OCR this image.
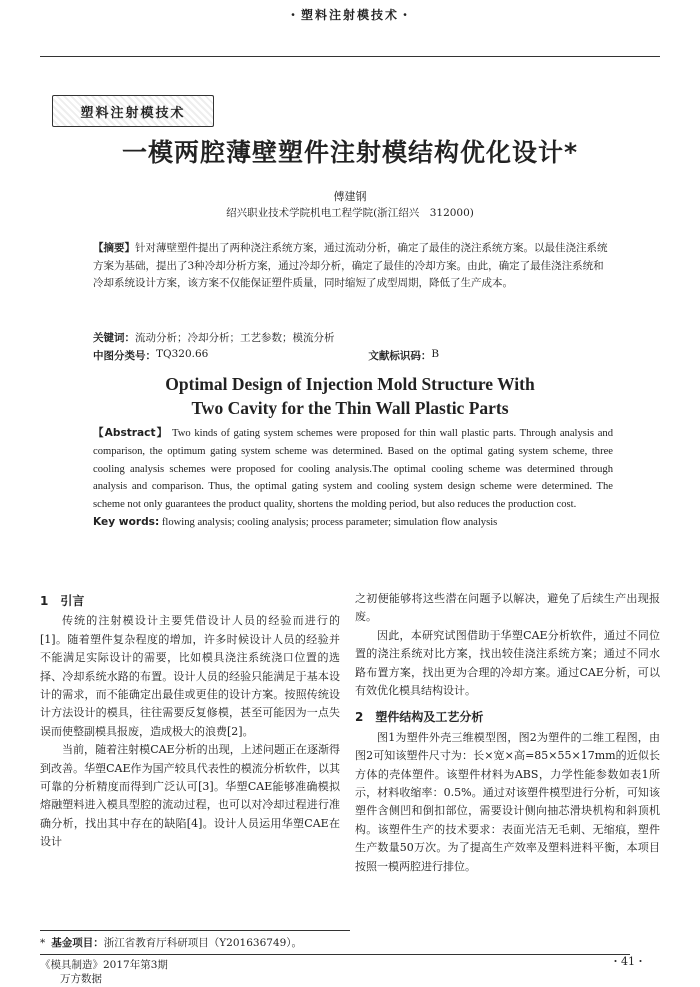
・塑料注射模技术・
塑料注射模技术
一模两腔薄壁塑件注射模结构优化设计*
傅建钢
绍兴职业技术学院机电工程学院(浙江绍兴　312000)
【摘要】针对薄壁塑件提出了两种浇注系统方案，通过流动分析，确定了最佳的浇注系统方案。以最佳浇注系统方案为基础，提出了3种冷却分析方案，通过冷却分析，确定了最佳的冷却方案。由此，确定了最佳浇注系统和冷却系统设计方案，该方案不仅能保证塑件质量，同时缩短了成型周期，降低了生产成本。
关键词：流动分析；冷却分析；工艺参数；模流分析
中图分类号： TQ320.66	文献标识码： B
Optimal Design of Injection Mold Structure With
Two Cavity for the Thin Wall Plastic Parts
【Abstract】 Two kinds of gating system schemes were proposed for thin wall plastic parts. Through analysis and comparison, the optimum gating system scheme was determined. Based on the optimal gating system scheme, three cooling analysis schemes were proposed for cooling analysis.The optimal cooling scheme was determined through analysis and comparison. Thus, the optimal gating system and cooling system design scheme were determined. The scheme not only guarantees the product quality, shortens the molding period, but also reduces the production cost.
Key words: flowing analysis; cooling analysis; process parameter; simulation flow analysis
1　引言

传统的注射模设计主要凭借设计人员的经验而进行的[1]。随着塑件复杂程度的增加，许多时候设计人员的经验并不能满足实际设计的需要，比如模具浇注系统浇口位置的选择、冷却系统水路的布置。设计人员的经验只能满足于基本设计的需求，而不能确定出最佳或更佳的设计方案。按照传统设计方法设计的模具，往往需要反复修模，甚至可能因为一点失误而使整副模具报废，造成极大的浪费[2]。

当前，随着注射模CAE分析的出现，上述问题正在逐渐得到改善。华塑CAE作为国产较具代表性的模流分析软件，以其可靠的分析精度而得到广泛认可[3]。华塑CAE能够准确模拟熔融塑料进入模具型腔的流动过程，也可以对冷却过程进行准确分析，找出其中存在的缺陷[4]。设计人员运用华塑CAE在设计

之初便能够将这些潜在问题予以解决，避免了后续生产出现报废。

因此，本研究试图借助于华塑CAE分析软件，通过不同位置的浇注系统对比方案，找出较佳浇注系统方案；通过不同水路布置方案，找出更为合理的冷却方案。通过CAE分析，可以有效优化模具结构设计。

2　塑件结构及工艺分析

图1为塑件外壳三维模型图，图2为塑件的二维工程图，由图2可知该塑件尺寸为：长×宽×高=85×55×17mm的近似长方体的壳体塑件。该塑件材料为ABS，力学性能参数如表1所示，材料收缩率：0.5%。通过对该塑件模型进行分析，可知该塑件含侧凹和倒扣部位，需要设计侧向抽芯滑块机构和斜顶机构。该塑件生产的技术要求：表面光洁无毛刺、无缩痕，塑件生产数量50万次。为了提高生产效率及塑料进料平衡，本项目按照一模两腔进行排位。

* 基金项目：浙江省教育厅科研项目（Y201636749）。
《模具制造》2017年第3期	・41・
万方数据
